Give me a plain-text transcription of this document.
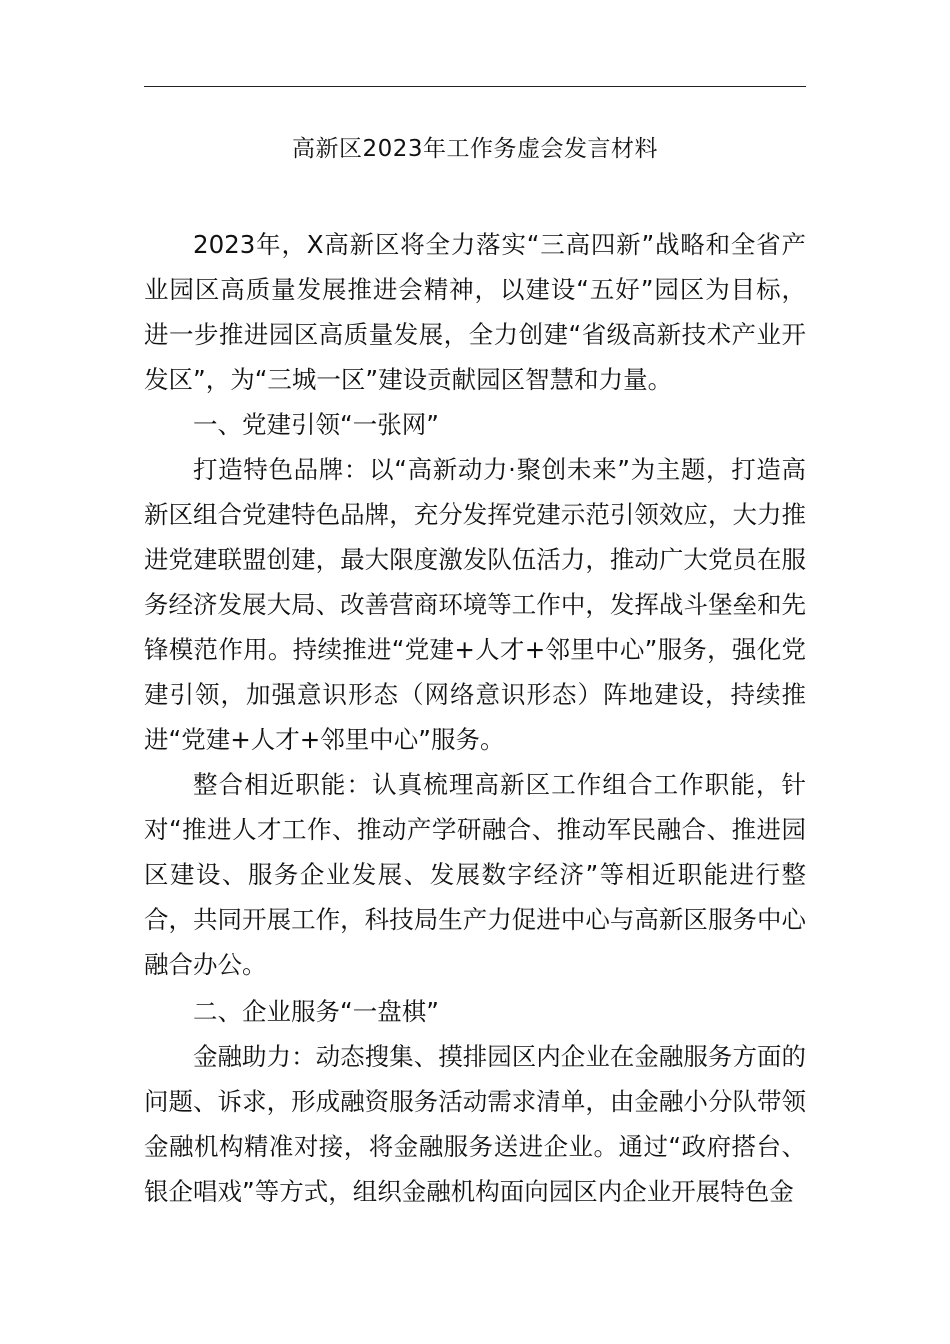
高新区2023年工作务虚会发言材料

2023年，X高新区将全力落实“三高四新”战略和全省产业园区高质量发展推进会精神，以建设“五好”园区为目标，进一步推进园区高质量发展，全力创建“省级高新技术产业开发区”，为“三城一区”建设贡献园区智慧和力量。

一、党建引领“一张网”

打造特色品牌：以“高新动力·聚创未来”为主题，打造高新区组合党建特色品牌，充分发挥党建示范引领效应，大力推进党建联盟创建，最大限度激发队伍活力，推动广大党员在服务经济发展大局、改善营商环境等工作中，发挥战斗堡垒和先锋模范作用。持续推进“党建+人才+邻里中心”服务，强化党建引领，加强意识形态（网络意识形态）阵地建设，持续推进“党建+人才+邻里中心”服务。

整合相近职能：认真梳理高新区工作组合工作职能，针对“推进人才工作、推动产学研融合、推动军民融合、推进园区建设、服务企业发展、发展数字经济”等相近职能进行整合，共同开展工作，科技局生产力促进中心与高新区服务中心融合办公。

二、企业服务“一盘棋”

金融助力：动态搜集、摸排园区内企业在金融服务方面的问题、诉求，形成融资服务活动需求清单，由金融小分队带领金融机构精准对接，将金融服务送进企业。通过“政府搭台、银企唱戏”等方式，组织金融机构面向园区内企业开展特色金
